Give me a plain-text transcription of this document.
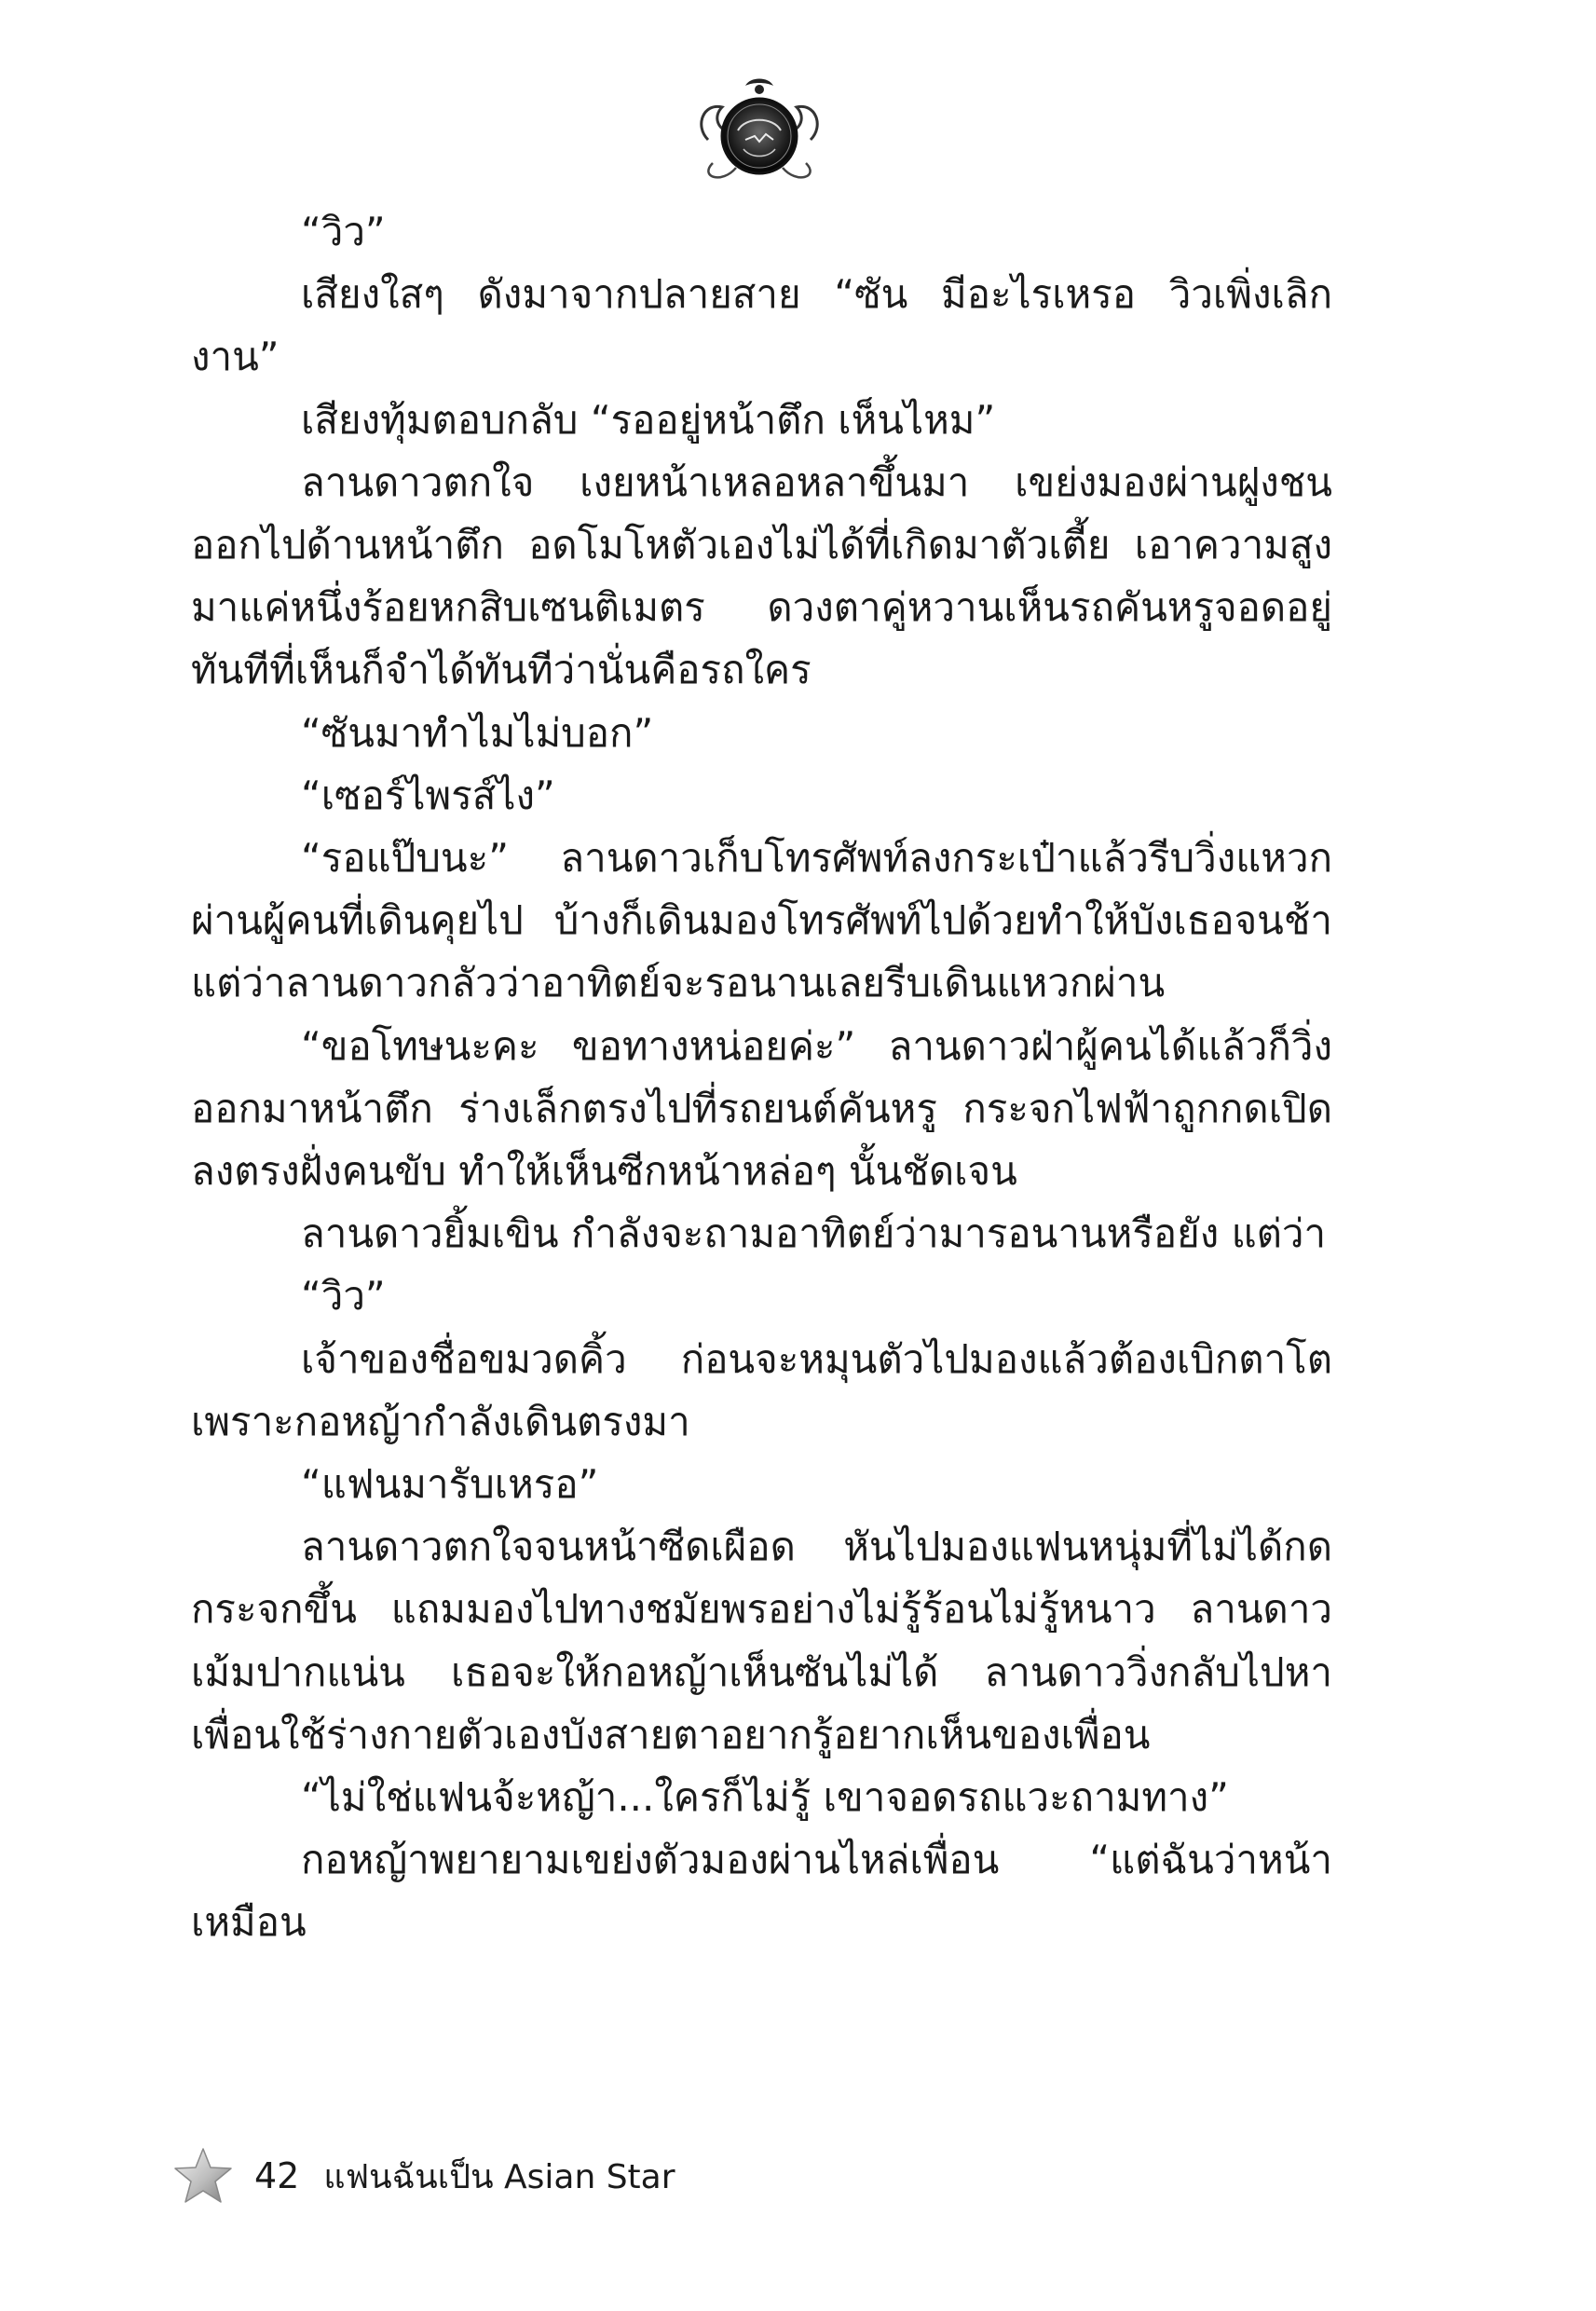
“วิว”

เสียงใสๆ ดังมาจากปลายสาย “ซัน มีอะไรเหรอ วิวเพิ่งเลิกงาน”

เสียงทุ้มตอบกลับ “รออยู่หน้าตึก เห็นไหม”

ลานดาวตกใจ เงยหน้าเหลอหลาขึ้นมา เขย่งมองผ่านฝูงชนออกไปด้านหน้าตึก อดโมโหตัวเองไม่ได้ที่เกิดมาตัวเตี้ย เอาความสูงมาแค่หนึ่งร้อยหกสิบเซนติเมตร ดวงตาคู่หวานเห็นรถคันหรูจอดอยู่ทันทีที่เห็นก็จำได้ทันทีว่านั่นคือรถใคร

“ซันมาทำไมไม่บอก”

“เซอร์ไพรส์ไง”

“รอแป๊บนะ” ลานดาวเก็บโทรศัพท์ลงกระเป๋าแล้วรีบวิ่งแหวกผ่านผู้คนที่เดินคุยไป บ้างก็เดินมองโทรศัพท์ไปด้วยทำให้บังเธอจนช้า แต่ว่าลานดาวกลัวว่าอาทิตย์จะรอนานเลยรีบเดินแหวกผ่าน

“ขอโทษนะคะ ขอทางหน่อยค่ะ” ลานดาวฝ่าผู้คนได้แล้วก็วิ่งออกมาหน้าตึก ร่างเล็กตรงไปที่รถยนต์คันหรู กระจกไฟฟ้าถูกกดเปิดลงตรงฝั่งคนขับ ทำให้เห็นซีกหน้าหล่อๆ นั้นชัดเจน

ลานดาวยิ้มเขิน กำลังจะถามอาทิตย์ว่ามารอนานหรือยัง แต่ว่า

“วิว”

เจ้าของชื่อขมวดคิ้ว ก่อนจะหมุนตัวไปมองแล้วต้องเบิกตาโตเพราะกอหญ้ากำลังเดินตรงมา

“แฟนมารับเหรอ”

ลานดาวตกใจจนหน้าซีดเผือด หันไปมองแฟนหนุ่มที่ไม่ได้กดกระจกขึ้น แถมมองไปทางชมัยพรอย่างไม่รู้ร้อนไม่รู้หนาว ลานดาวเม้มปากแน่น เธอจะให้กอหญ้าเห็นซันไม่ได้ ลานดาววิ่งกลับไปหาเพื่อนใช้ร่างกายตัวเองบังสายตาอยากรู้อยากเห็นของเพื่อน

“ไม่ใช่แฟนจ้ะหญ้า...ใครก็ไม่รู้ เขาจอดรถแวะถามทาง”

กอหญ้าพยายามเขย่งตัวมองผ่านไหล่เพื่อน “แต่ฉันว่าหน้าเหมือน

42 แฟนฉันเป็น Asian Star
